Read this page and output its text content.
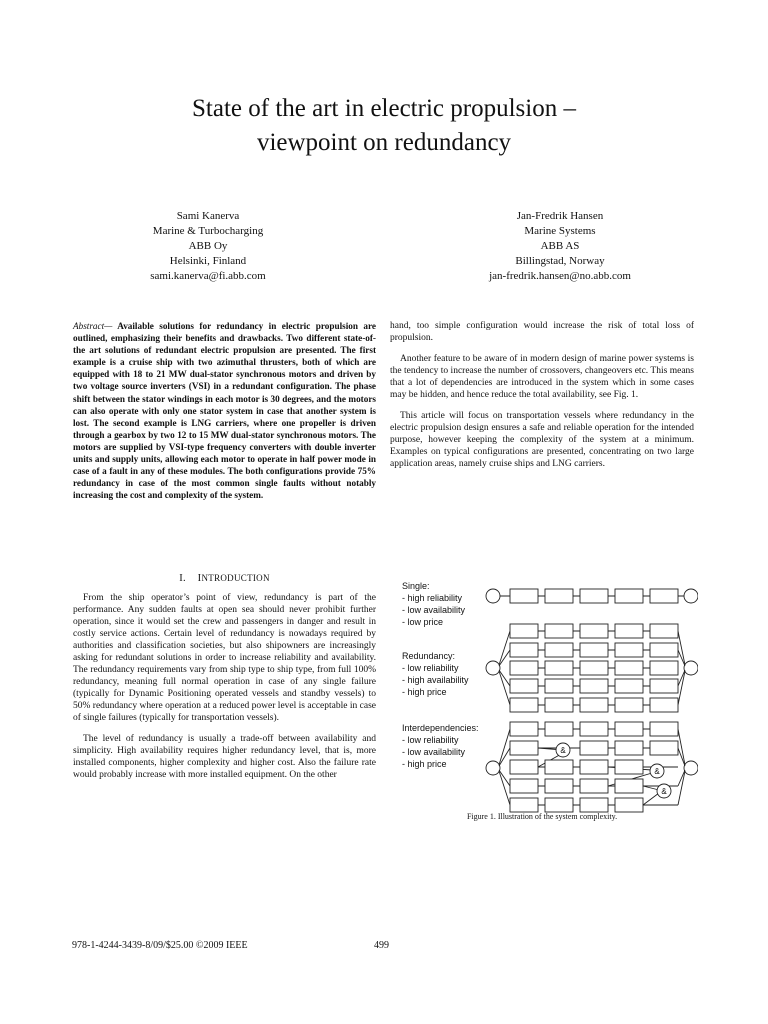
State of the art in electric propulsion –
viewpoint on redundancy
Sami Kanerva
Marine & Turbocharging
ABB Oy
Helsinki, Finland
sami.kanerva@fi.abb.com
Jan-Fredrik Hansen
Marine Systems
ABB AS
Billingstad, Norway
jan-fredrik.hansen@no.abb.com

Abstract— Available solutions for redundancy in electric propulsion are outlined, emphasizing their benefits and drawbacks. Two different state-of-the art solutions of redundant electric propulsion are presented. The first example is a cruise ship with two azimuthal thrusters, both of which are equipped with 18 to 21 MW dual-stator synchronous motors and driven by two voltage source inverters (VSI) in a redundant configuration. The phase shift between the stator windings in each motor is 30 degrees, and the motors can also operate with only one stator system in case that another system is lost. The second example is LNG carriers, where one propeller is driven through a gearbox by two 12 to 15 MW dual-stator synchronous motors. The motors are supplied by VSI-type frequency converters with double inverter units and supply units, allowing each motor to operate in half power mode in case of a fault in any of these modules. The both configurations provide 75% redundancy in case of the most common single faults without notably increasing the cost and complexity of the system.

I. INTRODUCTION

From the ship operator’s point of view, redundancy is part of the performance. Any sudden faults at open sea should never prohibit further operation, since it would set the crew and passengers in danger and result in costly service actions. Certain level of redundancy is nowadays required by authorities and classification societies, but also shipowners are increasingly asking for redundant solutions in order to increase reliability and availability. The redundancy requirements vary from ship type to ship type, from full 100% redundancy, meaning full normal operation in case of any single failure (typically for Dynamic Positioning operated vessels and standby vessels) to 50% redundancy where operation at a reduced power level is acceptable in case of single failures (typically for transportation vessels).

The level of redundancy is usually a trade-off between availability and simplicity. High availability requires higher redundancy level, that is, more installed components, higher complexity and higher cost. Also the failure rate would probably increase with more installed equipment. On the other

hand, too simple configuration would increase the risk of total loss of propulsion.

Another feature to be aware of in modern design of marine power systems is the tendency to increase the number of crossovers, changeovers etc. This means that a lot of dependencies are introduced in the system which in some cases may be hidden, and hence reduce the total availability, see Fig. 1.

This article will focus on transportation vessels where redundancy in the electric propulsion design ensures a safe and reliable operation for the intended purpose, however keeping the complexity of the system at a minimum. Examples on typical configurations are presented, concentrating on two large application areas, namely cruise ships and LNG carriers.

Single:
- high reliability
- low availability
- low price
Redundancy:
- low reliability
- high availability
- high price
Interdependencies:
- low reliability
- low availability
- high price
&
&
&
Figure 1. Illustration of the system complexity.
978-1-4244-3439-8/09/$25.00 ©2009 IEEE	499
